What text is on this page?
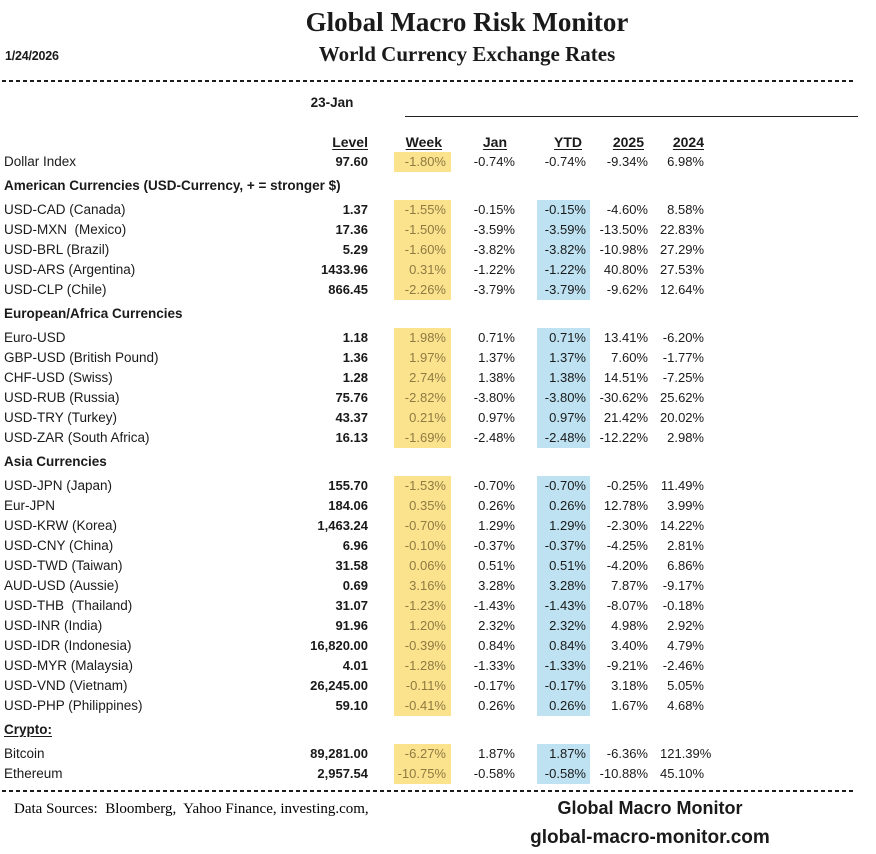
1/24/2026
Global Macro Risk Monitor
World Currency Exchange Rates
23-Jan
Level	Week	Jan	YTD	2025	2024
Dollar Index	97.60	-1.80%	-0.74%	-0.74%	-9.34%	6.98%
American Currencies (USD-Currency, + = stronger $)
USD-CAD (Canada)	1.37	-1.55%	-0.15%	-0.15%	-4.60%	8.58%
USD-MXN  (Mexico)	17.36	-1.50%	-3.59%	-3.59%	-13.50% 22.83%
USD-BRL (Brazil)	5.29	-1.60%	-3.82%	-3.82%	-10.98% 27.29%
USD-ARS (Argentina)	1433.96	0.31%	-1.22%	-1.22%	40.80% 27.53%
USD-CLP (Chile)	866.45	-2.26%	-3.79%	-3.79%	-9.62% 12.64%
European/Africa Currencies
Euro-USD	1.18	1.98%	0.71%	0.71%	13.41%	-6.20%
GBP-USD (British Pound)	1.36	1.97%	1.37%	1.37%	7.60%	-1.77%
CHF-USD (Swiss)	1.28	2.74%	1.38%	1.38%	14.51%	-7.25%
USD-RUB (Russia)	75.76	-2.82%	-3.80%	-3.80%	-30.62% 25.62%
USD-TRY (Turkey)	43.37	0.21%	0.97%	0.97%	21.42% 20.02%
USD-ZAR (South Africa)	16.13	-1.69%	-2.48%	-2.48%	-12.22%	2.98%
Asia Currencies
USD-JPN (Japan)	155.70	-1.53%	-0.70%	-0.70%	-0.25% 11.49%
Eur-JPN	184.06	0.35%	0.26%	0.26%	12.78%	3.99%
USD-KRW (Korea)	1,463.24	-0.70%	1.29%	1.29%	-2.30% 14.22%
USD-CNY (China)	6.96	-0.10%	-0.37%	-0.37%	-4.25%	2.81%
USD-TWD (Taiwan)	31.58	0.06%	0.51%	0.51%	-4.20%	6.86%
AUD-USD (Aussie)	0.69	3.16%	3.28%	3.28%	7.87%	-9.17%
USD-THB  (Thailand)	31.07	-1.23%	-1.43%	-1.43%	-8.07%	-0.18%
USD-INR (India)	91.96	1.20%	2.32%	2.32%	4.98%	2.92%
USD-IDR (Indonesia)	16,820.00	-0.39%	0.84%	0.84%	3.40%	4.79%
USD-MYR (Malaysia)	4.01	-1.28%	-1.33%	-1.33%	-9.21%	-2.46%
USD-VND (Vietnam)	26,245.00	-0.11%	-0.17%	-0.17%	3.18%	5.05%
USD-PHP (Philippines)	59.10	-0.41%	0.26%	0.26%	1.67%	4.68%
Crypto:
Bitcoin	89,281.00	-6.27%	1.87%	1.87%	-6.36% 121.39%
Ethereum	2,957.54	-10.75%	-0.58%	-0.58%	-10.88% 45.10%
Data Sources:  Bloomberg,  Yahoo Finance, investing.com,	Global Macro Monitor
global-macro-monitor.com
